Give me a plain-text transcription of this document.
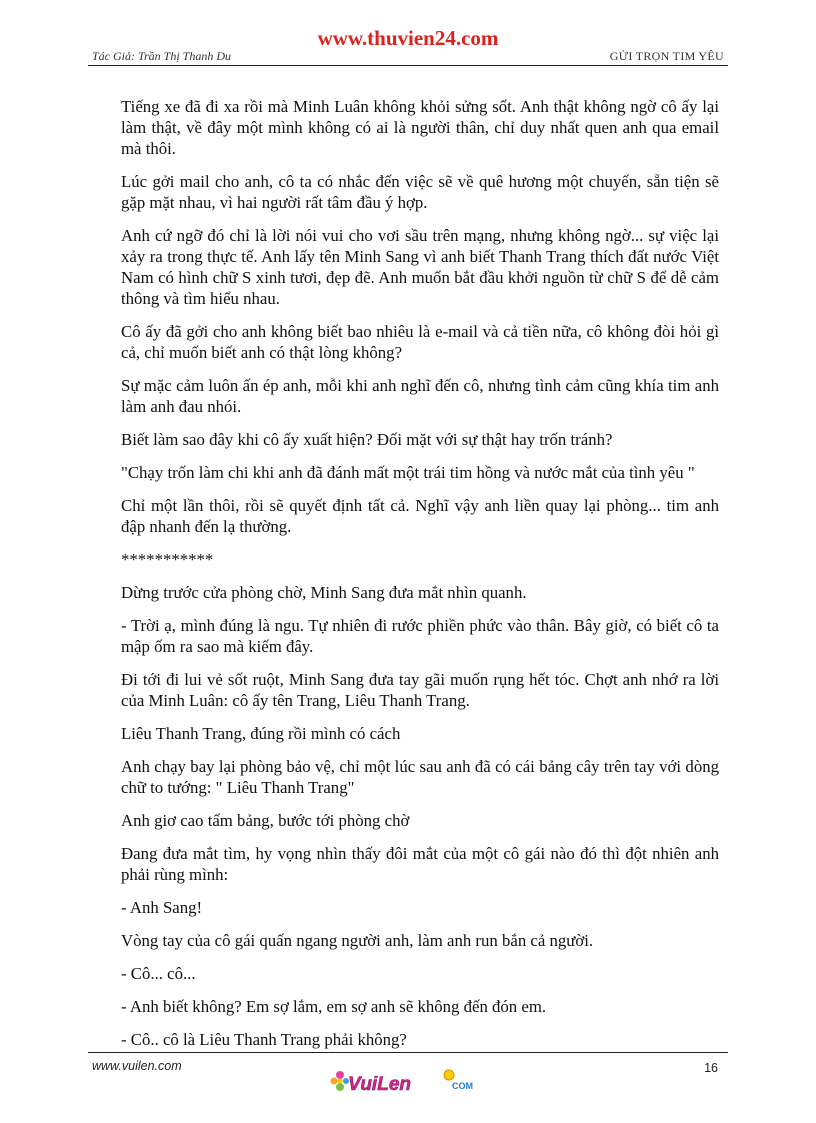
www.thuvien24.com
Tác Giả: Trần Thị Thanh Du	GỬI TRỌN TIM YÊU

Tiếng xe đã đi xa rồi mà Minh Luân không khỏi sửng sốt. Anh thật không ngờ cô ấy lại làm thật, về đây một mình không có ai là người thân, chỉ duy nhất quen anh qua email mà thôi.

Lúc gởi mail cho anh, cô ta có nhắc đến việc sẽ về quê hương một chuyến, sẵn tiện sẽ gặp mặt nhau, vì hai người rất tâm đầu ý hợp.

Anh cứ ngỡ đó chỉ là lời nói vui cho vơi sầu trên mạng, nhưng không ngờ... sự việc lại xảy ra trong thực tế. Anh lấy tên Minh Sang vì anh biết Thanh Trang thích đất nước Việt Nam có hình chữ S xinh tươi, đẹp đẽ. Anh muốn bắt đầu khởi nguồn từ chữ S để dễ cảm thông và tìm hiểu nhau.

Cô ấy đã gởi cho anh không biết bao nhiêu là e-mail và cả tiền nữa, cô không đòi hỏi gì cả, chỉ muốn biết anh có thật lòng không?

Sự mặc cảm luôn ấn ép anh, mỗi khi anh nghĩ đến cô, nhưng tình cảm cũng khía tim anh làm anh đau nhói.

Biết làm sao đây khi cô ấy xuất hiện? Đối mặt với sự thật hay trốn tránh?

"Chạy trốn làm chi khi anh đã đánh mất một trái tim hồng và nước mắt của tình yêu "

Chỉ một lần thôi, rồi sẽ quyết định tất cả. Nghĩ vậy anh liền quay lại phòng... tim anh đập nhanh đến lạ thường.

***********

Dừng trước cửa phòng chờ, Minh Sang đưa mắt nhìn quanh.

- Trời ạ, mình đúng là ngu. Tự nhiên đi rước phiền phức vào thân. Bây giờ, có biết cô ta mập ốm ra sao mà kiếm đây.

Đi tới đi lui vẻ sốt ruột, Minh Sang đưa tay gãi muốn rụng hết tóc. Chợt anh nhớ ra lời của Minh Luân: cô ấy tên Trang, Liêu Thanh Trang.

Liêu Thanh Trang, đúng rồi mình có cách

Anh chạy bay lại phòng bảo vệ, chỉ một lúc sau anh đã có cái bảng cây trên tay với dòng chữ to tướng: " Liêu Thanh Trang"

Anh giơ cao tấm bảng, bước tới phòng chờ

Đang đưa mắt tìm, hy vọng nhìn thấy đôi mắt của một cô gái nào đó thì đột nhiên anh phải rùng mình:

- Anh Sang!

Vòng tay của cô gái quấn ngang người anh, làm anh run bắn cả người.

- Cô... cô...

- Anh biết không? Em sợ lắm, em sợ anh sẽ không đến đón em.

- Cô.. cô là Liêu Thanh Trang phải không?

www.vuilen.com	16
VuiLen	COM
